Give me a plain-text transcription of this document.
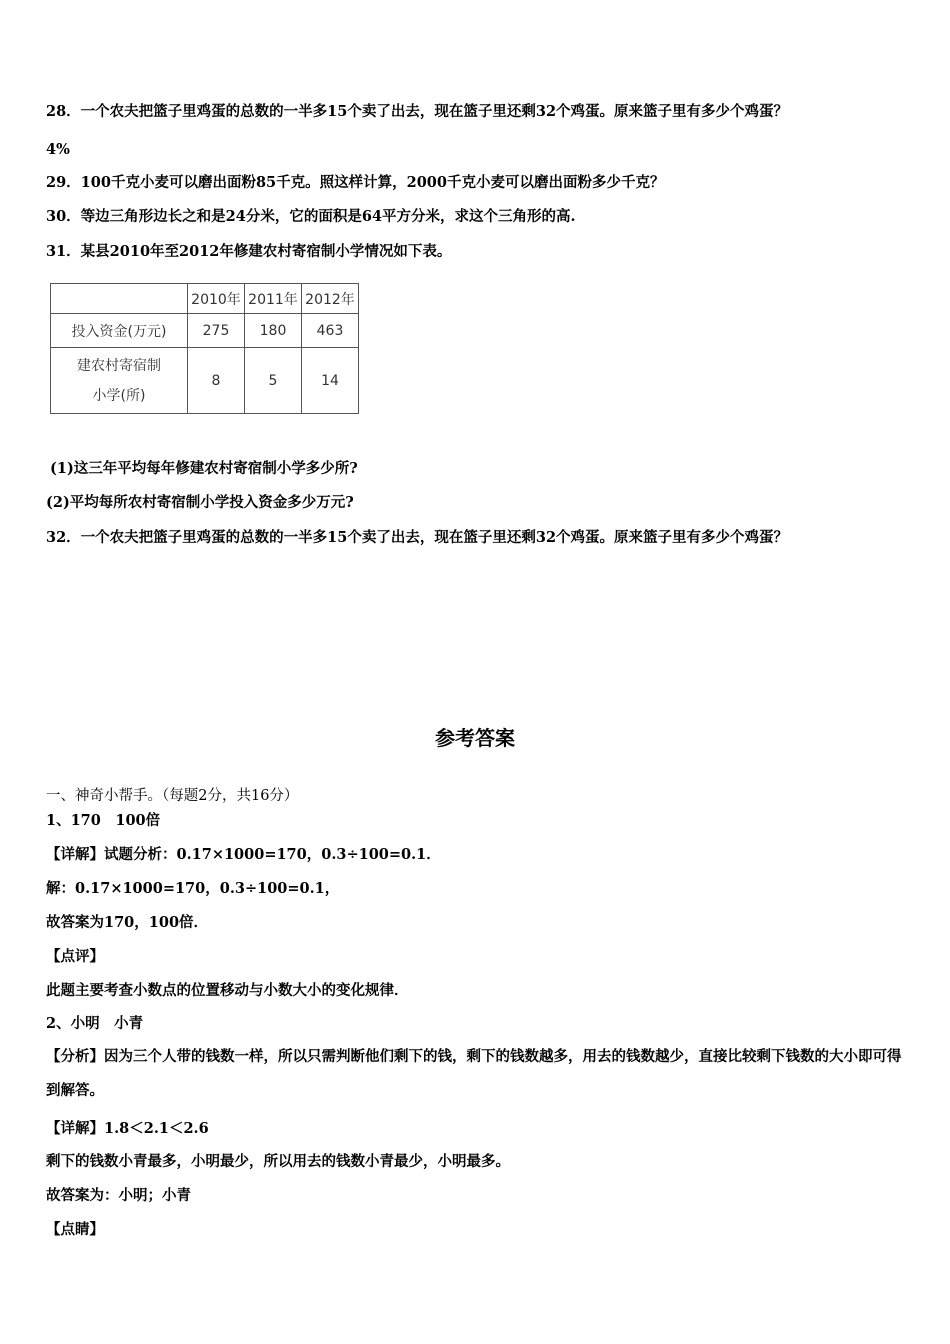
28．一个农夫把篮子里鸡蛋的总数的一半多15个卖了出去，现在篮子里还剩32个鸡蛋。原来篮子里有多少个鸡蛋？
4%
29．100千克小麦可以磨出面粉85千克。照这样计算，2000千克小麦可以磨出面粉多少千克？
30．等边三角形边长之和是24分米，它的面积是64平方分米，求这个三角形的高.
31．某县2010年至2012年修建农村寄宿制小学情况如下表。
	2010年	2011年	2012年
投入资金(万元)	275	180	463

建农村寄宿制
小学(所)	8	5	14
(1)这三年平均每年修建农村寄宿制小学多少所?
(2)平均每所农村寄宿制小学投入资金多少万元?
32．一个农夫把篮子里鸡蛋的总数的一半多15个卖了出去，现在篮子里还剩32个鸡蛋。原来篮子里有多少个鸡蛋？
参考答案
一、神奇小帮手。（每题2分，共16分）
1、170　100倍
【详解】试题分析：0.17×1000=170，0.3÷100=0.1．
解：0.17×1000=170，0.3÷100=0.1，
故答案为170，100倍．
【点评】
此题主要考查小数点的位置移动与小数大小的变化规律．
2、小明　小青
【分析】因为三个人带的钱数一样，所以只需判断他们剩下的钱，剩下的钱数越多，用去的钱数越少，直接比较剩下钱数的大小即可得到解答。
【详解】1.8＜2.1＜2.6
剩下的钱数小青最多，小明最少，所以用去的钱数小青最少，小明最多。
故答案为：小明；小青
【点睛】
